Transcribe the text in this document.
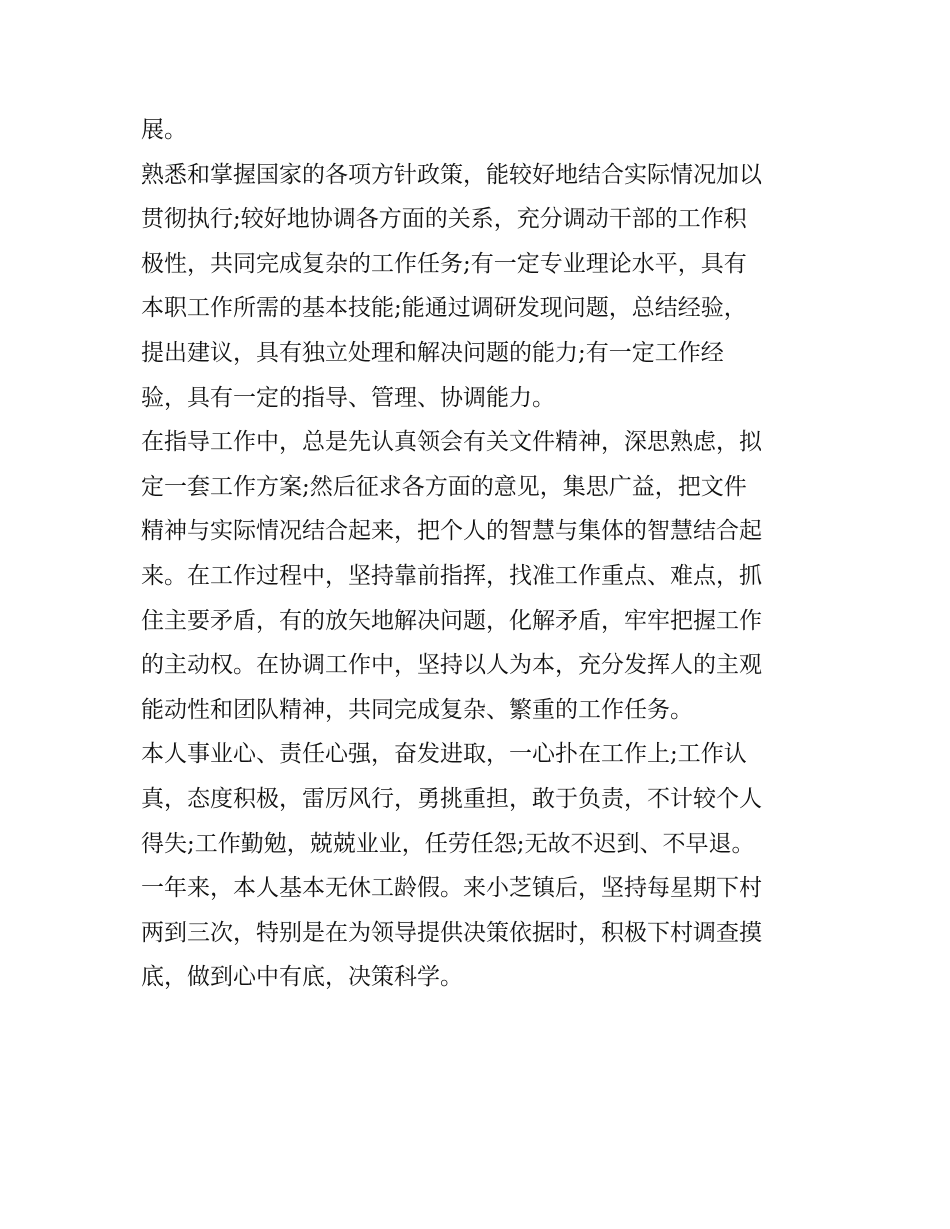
展。
熟悉和掌握国家的各项方针政策，能较好地结合实际情况加以
贯彻执行;较好地协调各方面的关系，充分调动干部的工作积
极性，共同完成复杂的工作任务;有一定专业理论水平，具有
本职工作所需的基本技能;能通过调研发现问题，总结经验，
提出建议，具有独立处理和解决问题的能力;有一定工作经
验，具有一定的指导、管理、协调能力。
在指导工作中，总是先认真领会有关文件精神，深思熟虑，拟
定一套工作方案;然后征求各方面的意见，集思广益，把文件
精神与实际情况结合起来，把个人的智慧与集体的智慧结合起
来。在工作过程中，坚持靠前指挥，找准工作重点、难点，抓
住主要矛盾，有的放矢地解决问题，化解矛盾，牢牢把握工作
的主动权。在协调工作中，坚持以人为本，充分发挥人的主观
能动性和团队精神，共同完成复杂、繁重的工作任务。
本人事业心、责任心强，奋发进取，一心扑在工作上;工作认
真，态度积极，雷厉风行，勇挑重担，敢于负责，不计较个人
得失;工作勤勉，兢兢业业，任劳任怨;无故不迟到、不早退。
一年来，本人基本无休工龄假。来小芝镇后，坚持每星期下村
两到三次，特别是在为领导提供决策依据时，积极下村调查摸
底，做到心中有底，决策科学。
